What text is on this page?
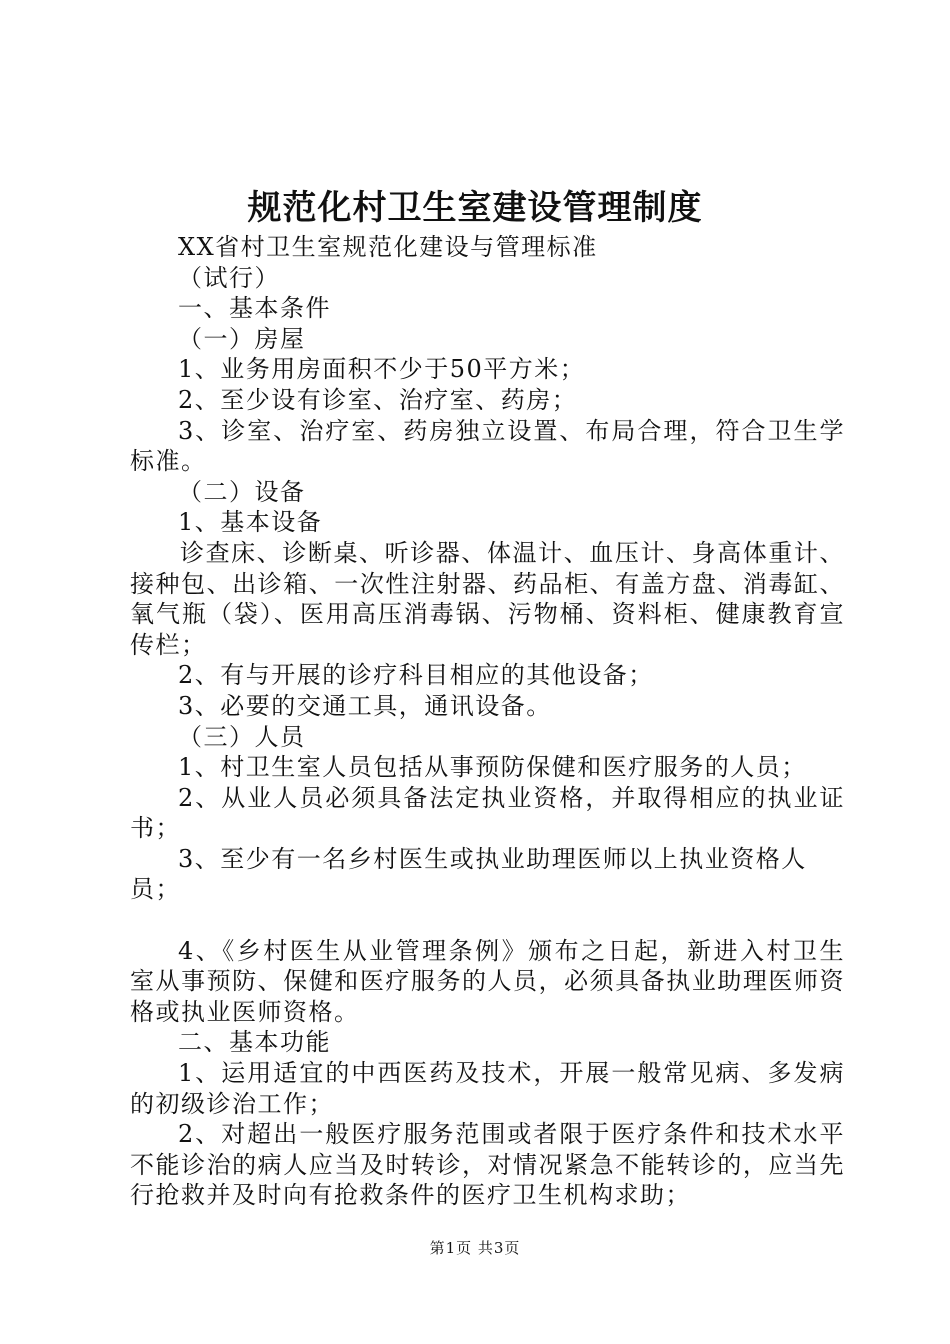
规范化村卫生室建设管理制度

XX省村卫生室规范化建设与管理标准

（试行）

一、基本条件

（一）房屋

1、业务用房面积不少于50平方米；

2、至少设有诊室、治疗室、药房；

3、诊室、治疗室、药房独立设置、布局合理，符合卫生学标准。

（二）设备

1、基本设备

诊查床、诊断桌、听诊器、体温计、血压计、身高体重计、接种包、出诊箱、一次性注射器、药品柜、有盖方盘、消毒缸、氧气瓶（袋）、医用高压消毒锅、污物桶、资料柜、健康教育宣传栏；

2、有与开展的诊疗科目相应的其他设备；

3、必要的交通工具，通讯设备。

（三）人员

1、村卫生室人员包括从事预防保健和医疗服务的人员；

2、从业人员必须具备法定执业资格，并取得相应的执业证书；

3、至少有一名乡村医生或执业助理医师以上执业资格人员；

4、《乡村医生从业管理条例》颁布之日起，新进入村卫生室从事预防、保健和医疗服务的人员，必须具备执业助理医师资格或执业医师资格。

二、基本功能

1、运用适宜的中西医药及技术，开展一般常见病、多发病的初级诊治工作；

2、对超出一般医疗服务范围或者限于医疗条件和技术水平不能诊治的病人应当及时转诊，对情况紧急不能转诊的，应当先行抢救并及时向有抢救条件的医疗卫生机构求助；

第1页 共3页
